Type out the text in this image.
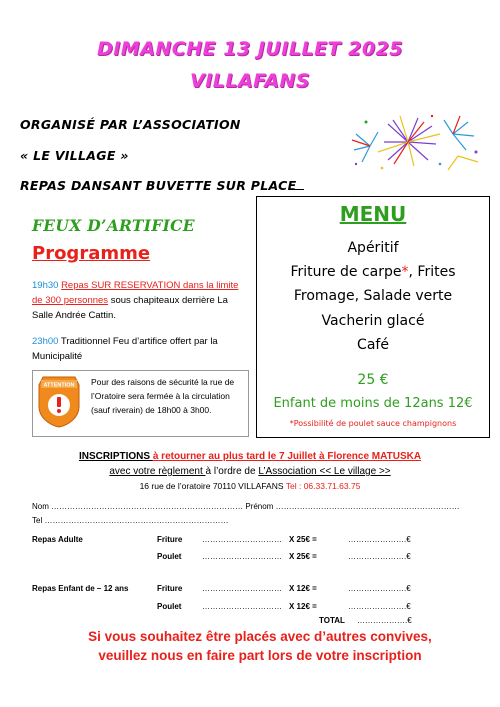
DIMANCHE 13 JUILLET 2025
VILLAFANS
ORGANISÉ PAR L’ASSOCIATION
« LE VILLAGE »
REPAS DANSANT BUVETTE SUR PLACE
FEUX D’ARTIFICE
Programme
19h30 Repas SUR RESERVATION dans la limite de 300 personnes sous chapiteaux derrière La Salle Andrée Cattin.
23h00 Traditionnel Feu d’artifice offert par la Municipalité
ATTENTION Pour des raisons de sécurité la rue de l’Oratoire sera fermée à la circulation (sauf riverain) de 18h00 à 3h00.
MENU
Apéritif
Friture de carpe*, Frites
Fromage, Salade verte
Vacherin glacé
Café
25 €
Enfant de moins de 12ans 12€
*Possibilité de poulet sauce champignons
INSCRIPTIONS à retourner au plus tard le 7 Juillet à Florence MATUSKA
avec votre règlement à l’ordre de L’Association << Le village >>
16 rue de l’oratoire 70110 VILLAFANS Tel : 06.33.71.63.75
Nom ……………………………………………………………… Prénom ……………………………………………………………
Tel ……………………………………………………………
Repas Adulte	Friture ………………………… X 25€ =	………………….€
Poulet	………………………… X 25€ =	………………….€
Repas Enfant de – 12 ans	Friture ………………………… X 12€ =	………………….€
Poulet	………………………… X 12€ =	………………….€
TOTAL ……………….€
Si vous souhaitez être placés avec d’autres convives,
veuillez nous en faire part lors de votre inscription
